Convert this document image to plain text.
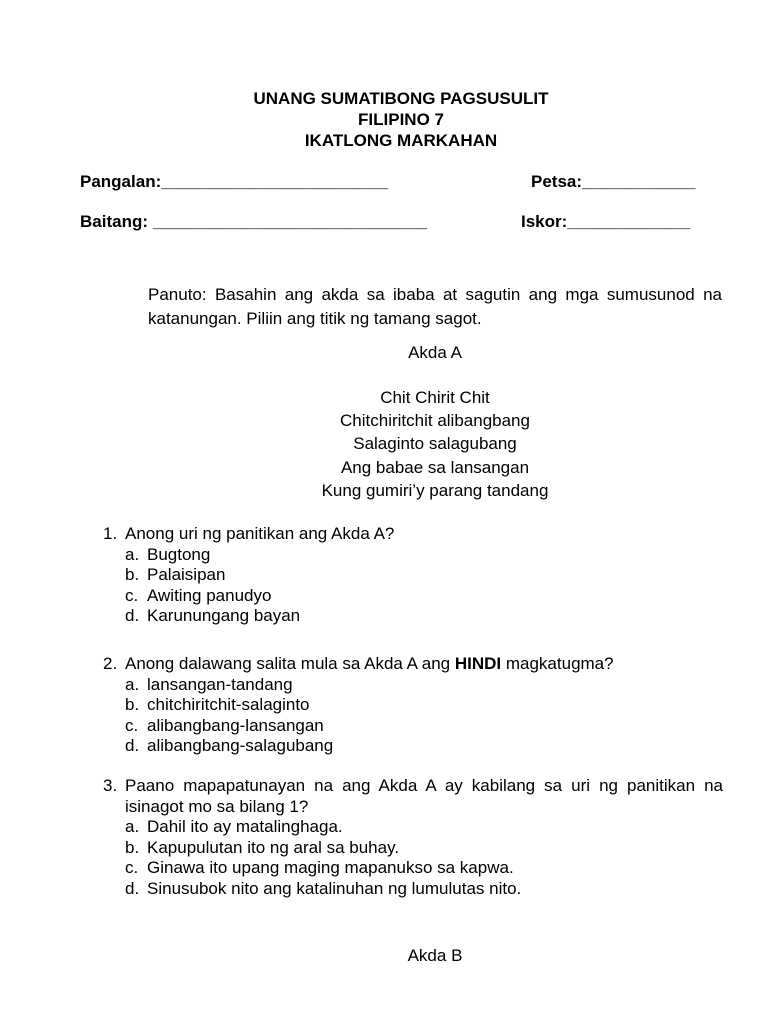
UNANG SUMATIBONG PAGSUSULIT
FILIPINO 7
IKATLONG MARKAHAN
Pangalan:________________________	Petsa:____________
Baitang: _____________________________	Iskor:_____________
Panuto: Basahin ang akda sa ibaba at sagutin ang mga sumusunod na katanungan. Piliin ang titik ng tamang sagot.
Akda A
Chit Chirit Chit
Chitchiritchit alibangbang
Salaginto salagubang
Ang babae sa lansangan
Kung gumiri’y parang tandang
1. Anong uri ng panitikan ang Akda A?
a. Bugtong
b. Palaisipan
c. Awiting panudyo
d. Karunungang bayan
2. Anong dalawang salita mula sa Akda A ang HINDI magkatugma?
a. lansangan-tandang
b. chitchiritchit-salaginto
c. alibangbang-lansangan
d. alibangbang-salagubang
3. Paano mapapatunayan na ang Akda A ay kabilang sa uri ng panitikan na isinagot mo sa bilang 1?
a. Dahil ito ay matalinghaga.
b. Kapupulutan ito ng aral sa buhay.
c. Ginawa ito upang maging mapanukso sa kapwa.
d. Sinusubok nito ang katalinuhan ng lumulutas nito.
Akda B
